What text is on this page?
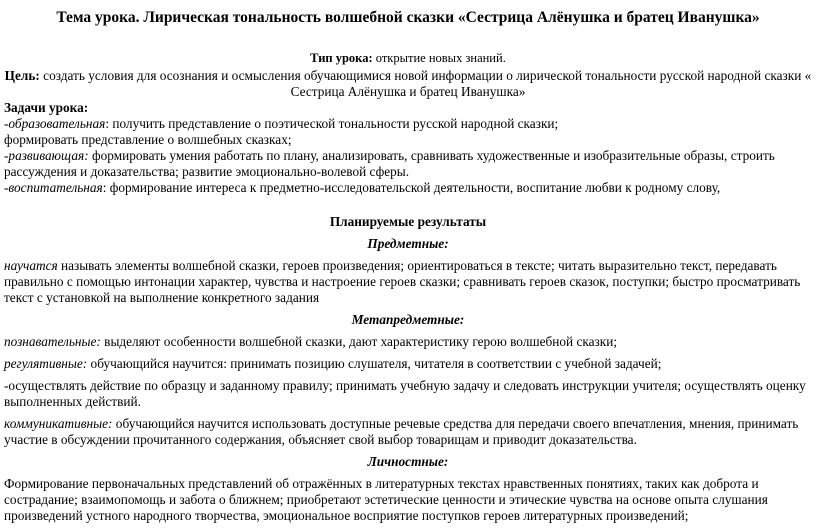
Тема урока. Лирическая тональность волшебной сказки «Сестрица Алёнушка и братец Иванушка»
Тип урока: открытие новых знаний.
Цель: создать условия для осознания и осмысления обучающимися новой информации о лирической тональности русской народной сказки « Сестрица Алёнушка и братец Иванушка»
Задачи урока:

-образовательная: получить представление о поэтической тональности русской народной сказки;

формировать представление о волшебных сказках;

-развивающая: формировать умения работать по плану, анализировать, сравнивать художественные и изобразительные образы, строить рассуждения и доказательства; развитие эмоционально-волевой сферы.

-воспитательная: формирование интереса к предметно-исследовательской деятельности, воспитание любви к родному слову,

Планируемые результаты
Предметные:

научатся называть элементы волшебной сказки, героев произведения; ориентироваться в тексте; читать выразительно текст, передавать правильно с помощью интонации характер, чувства и настроение героев сказки; сравнивать героев сказок, поступки; быстро просматривать текст с установкой на выполнение конкретного задания

Метапредметные:

познавательные: выделяют особенности волшебной сказки, дают характеристику герою волшебной сказки;

регулятивные: обучающийся научится: принимать позицию слушателя, читателя в соответствии с учебной задачей;

-осуществлять действие по образцу и заданному правилу; принимать учебную задачу и следовать инструкции учителя; осуществлять оценку выполненных действий.

коммуникативные: обучающийся научится использовать доступные речевые средства для передачи своего впечатления, мнения, принимать участие в обсуждении прочитанного содержания, объясняет свой выбор товарищам и приводит доказательства.

Личностные:

Формирование первоначальных представлений об отражённых в литературных текстах нравственных понятиях, таких как доброта и сострадание; взаимопомощь и забота о ближнем; приобретают эстетические ценности и этические чувства на основе опыта слушания произведений устного народного творчества, эмоциональное восприятие поступков героев литературных произведений;
